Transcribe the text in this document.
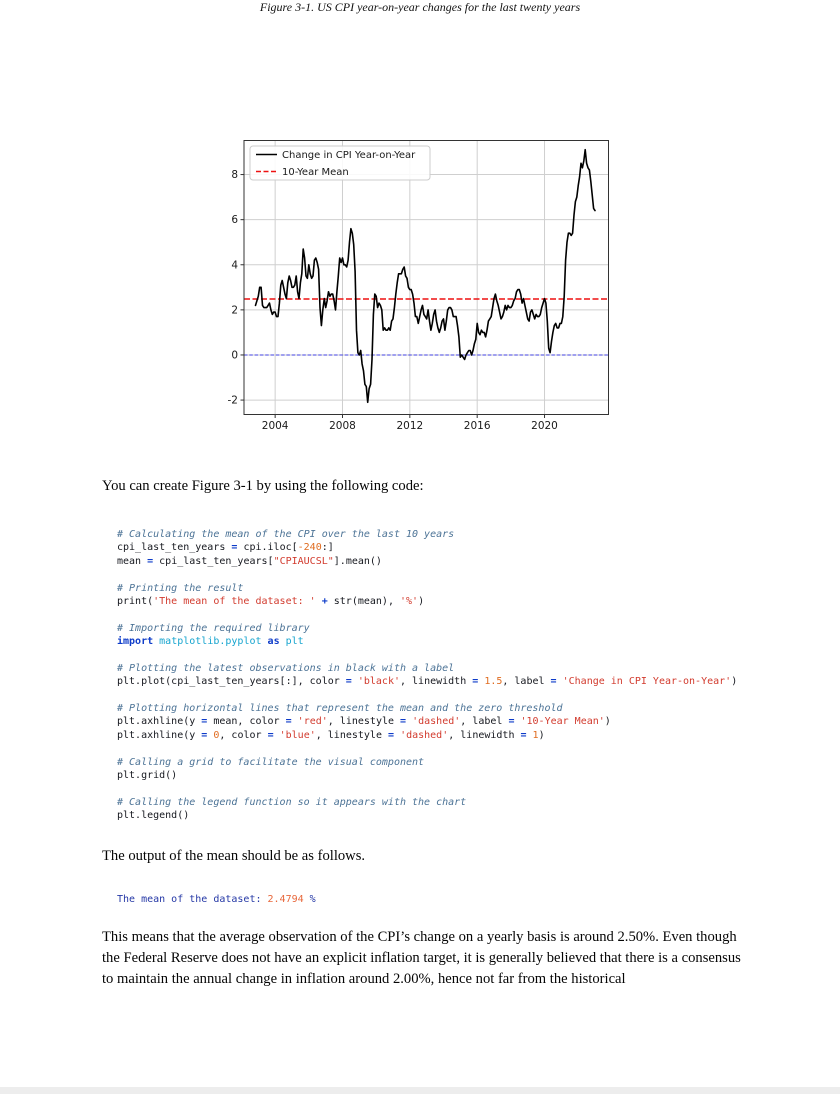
2004	2008	2012	2016	2020
-2
0
2
4
6
8
Change in CPI Year-on-Year
10-Year Mean
Figure 3-1. US CPI year-on-year changes for the last twenty years
You can create Figure 3-1 by using the following code:
# Calculating the mean of the CPI over the last 10 years
cpi_last_ten_years = cpi.iloc[-240:]
mean = cpi_last_ten_years["CPIAUCSL"].mean()

# Printing the result
print('The mean of the dataset: ' + str(mean), '%')

# Importing the required library
import matplotlib.pyplot as plt

# Plotting the latest observations in black with a label
plt.plot(cpi_last_ten_years[:], color = 'black', linewidth = 1.5, label = 'Change in CPI Year-on-Year')

# Plotting horizontal lines that represent the mean and the zero threshold
plt.axhline(y = mean, color = 'red', linestyle = 'dashed', label = '10-Year Mean')
plt.axhline(y = 0, color = 'blue', linestyle = 'dashed', linewidth = 1)

# Calling a grid to facilitate the visual component
plt.grid()

# Calling the legend function so it appears with the chart
plt.legend()
The output of the mean should be as follows.
The mean of the dataset: 2.4794 %
This means that the average observation of the CPI’s change on a yearly basis is around 2.50%. Even though the Federal Reserve does not have an explicit inflation target, it is generally believed that there is a consensus to maintain the annual change in inflation around 2.00%, hence not far from the historical
